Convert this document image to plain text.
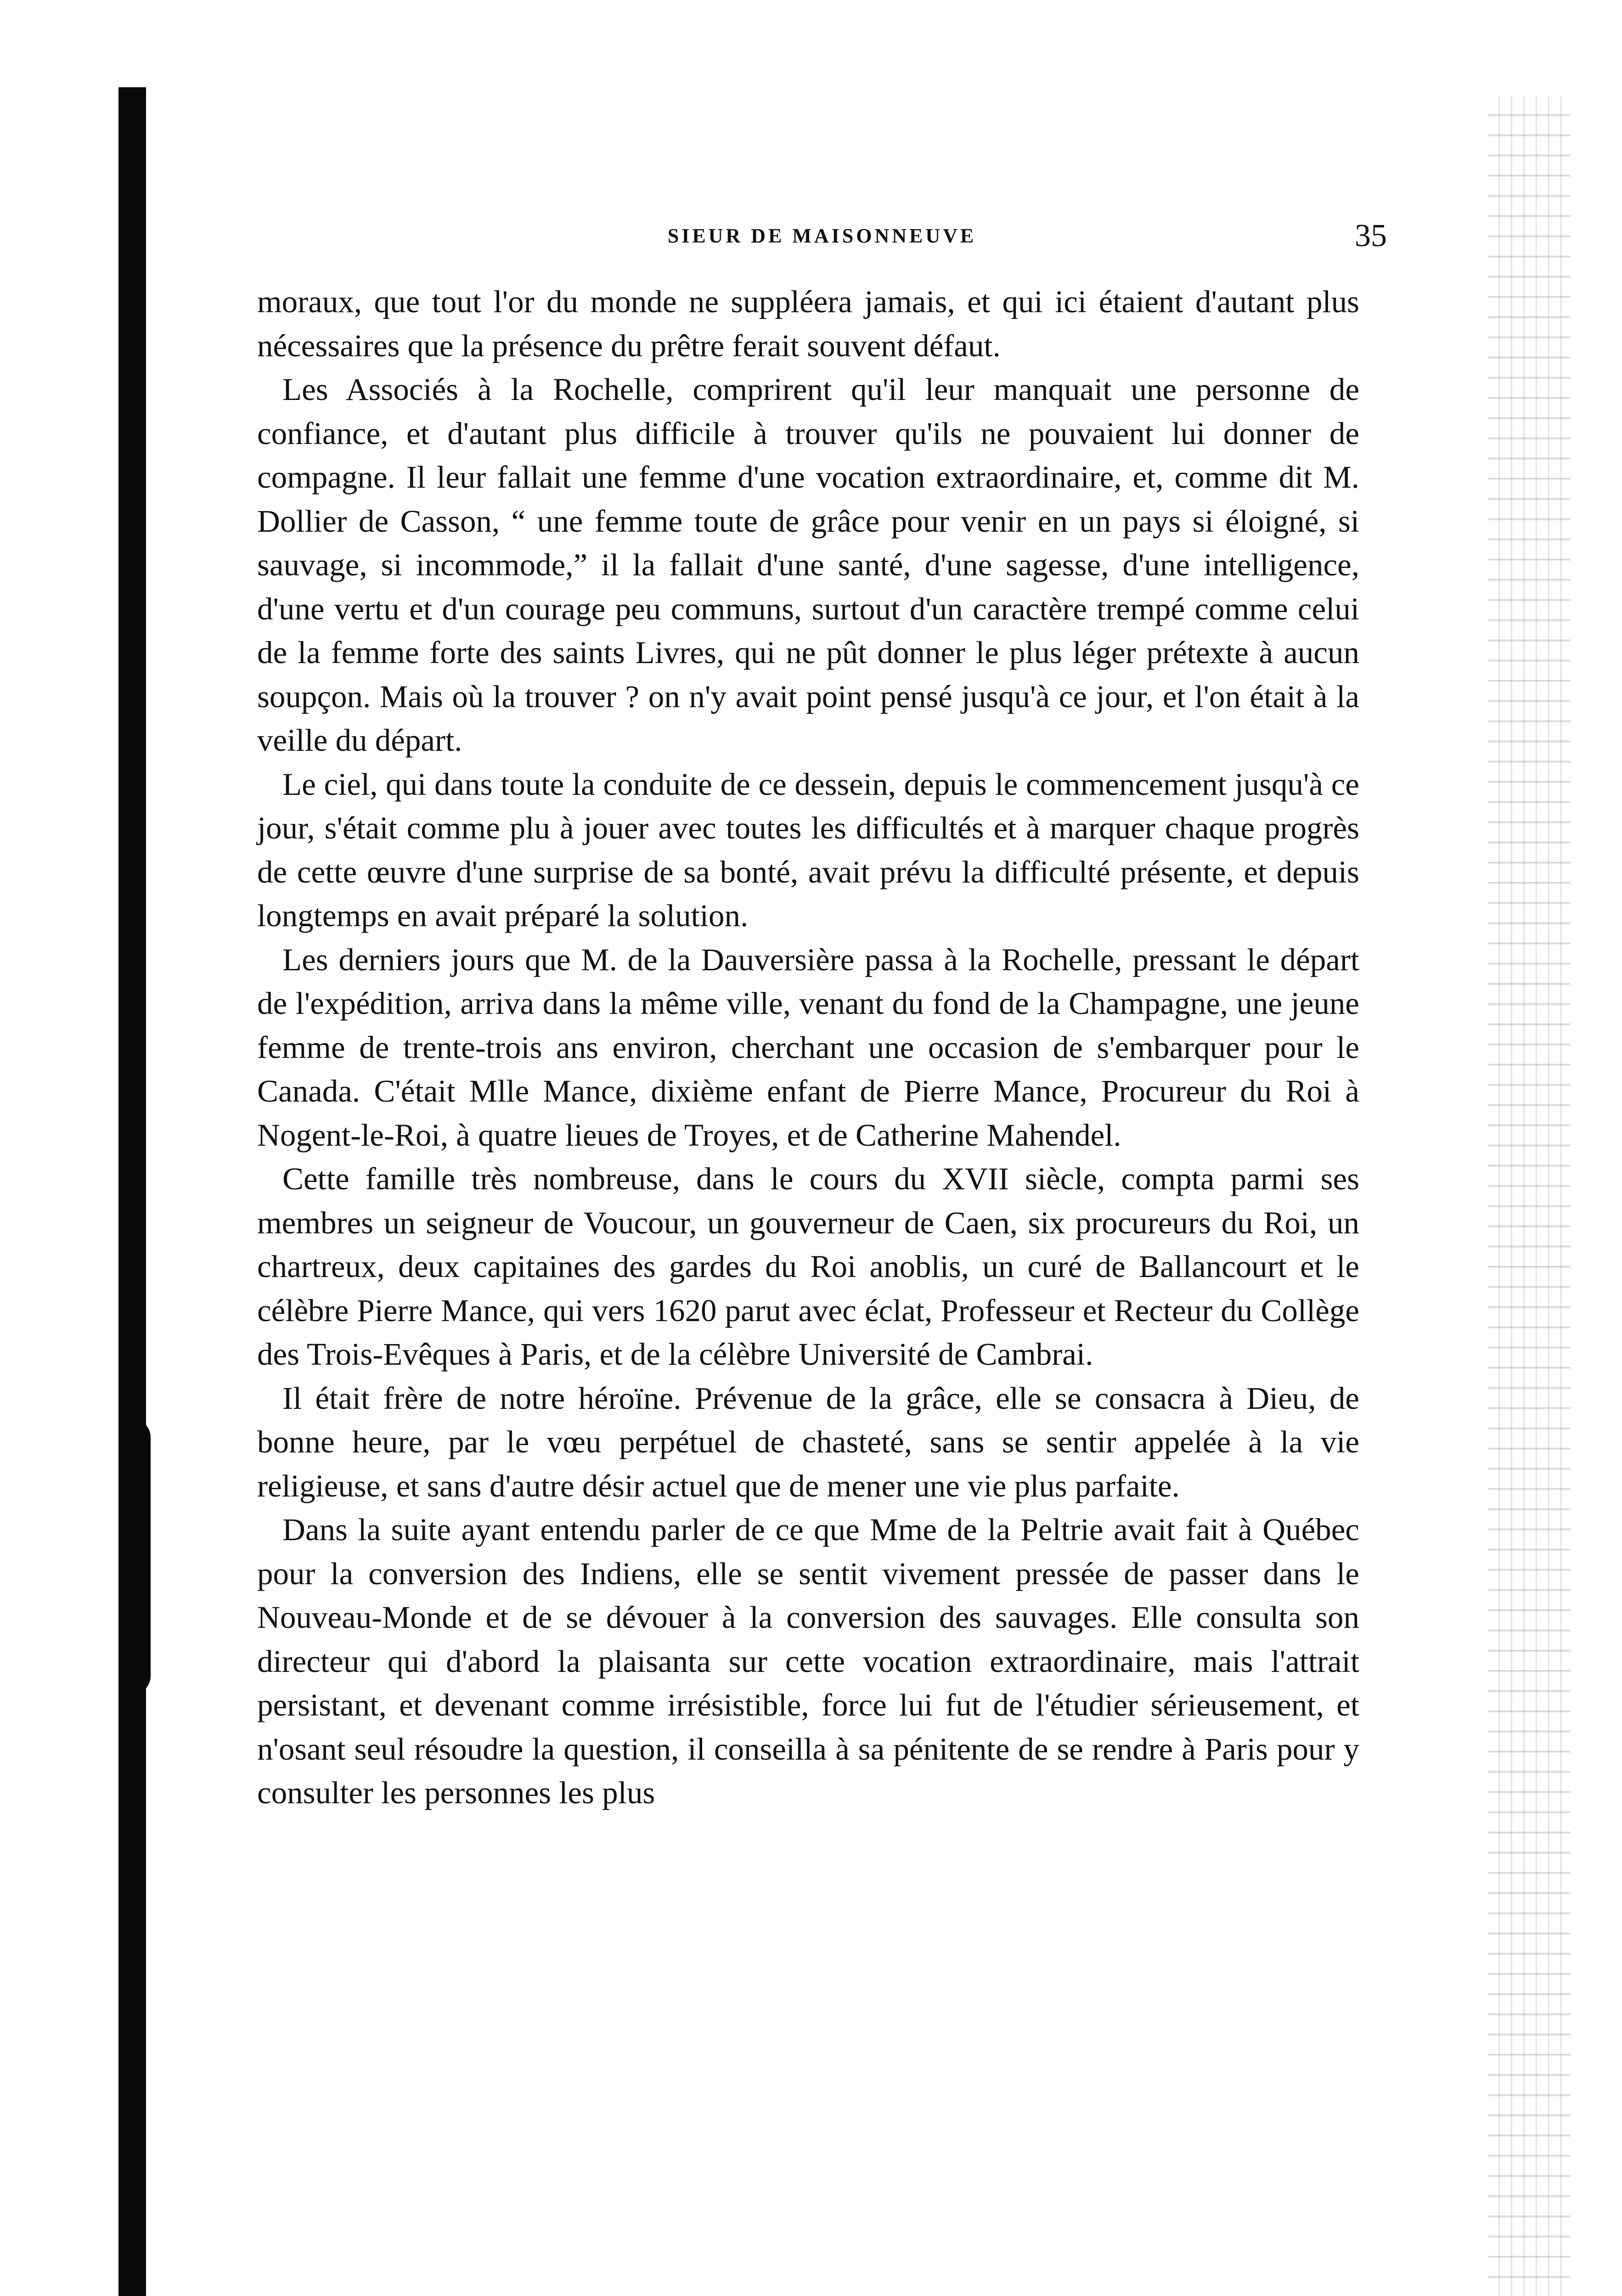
SIEUR DE MAISONNEUVE	35

moraux, que tout l'or du monde ne suppléera jamais, et qui ici étaient d'autant plus nécessaires que la présence du prêtre ferait souvent défaut.

Les Associés à la Rochelle, comprirent qu'il leur manquait une personne de confiance, et d'autant plus difficile à trouver qu'ils ne pouvaient lui donner de compagne. Il leur fallait une femme d'une vocation extraordinaire, et, comme dit M. Dollier de Casson, “ une femme toute de grâce pour venir en un pays si éloigné, si sauvage, si incommode,” il la fallait d'une santé, d'une sagesse, d'une intelligence, d'une vertu et d'un courage peu communs, surtout d'un caractère trempé comme celui de la femme forte des saints Livres, qui ne pût donner le plus léger prétexte à aucun soupçon. Mais où la trouver ? on n'y avait point pensé jusqu'à ce jour, et l'on était à la veille du départ.

Le ciel, qui dans toute la conduite de ce dessein, depuis le commencement jusqu'à ce jour, s'était comme plu à jouer avec toutes les difficultés et à marquer chaque progrès de cette œuvre d'une surprise de sa bonté, avait prévu la difficulté présente, et depuis longtemps en avait préparé la solution.

Les derniers jours que M. de la Dauversière passa à la Rochelle, pressant le départ de l'expédition, arriva dans la même ville, venant du fond de la Champagne, une jeune femme de trente-trois ans environ, cherchant une occasion de s'embarquer pour le Canada. C'était Mlle Mance, dixième enfant de Pierre Mance, Procureur du Roi à Nogent-le-Roi, à quatre lieues de Troyes, et de Catherine Mahendel.

Cette famille très nombreuse, dans le cours du XVII siècle, compta parmi ses membres un seigneur de Voucour, un gouverneur de Caen, six procureurs du Roi, un chartreux, deux capitaines des gardes du Roi anoblis, un curé de Ballancourt et le célèbre Pierre Mance, qui vers 1620 parut avec éclat, Professeur et Recteur du Collège des Trois-Evêques à Paris, et de la célèbre Université de Cambrai.

Il était frère de notre héroïne. Prévenue de la grâce, elle se consacra à Dieu, de bonne heure, par le vœu perpétuel de chasteté, sans se sentir appelée à la vie religieuse, et sans d'autre désir actuel que de mener une vie plus parfaite.

Dans la suite ayant entendu parler de ce que Mme de la Peltrie avait fait à Québec pour la conversion des Indiens, elle se sentit vivement pressée de passer dans le Nouveau-Monde et de se dévouer à la conversion des sauvages. Elle consulta son directeur qui d'abord la plaisanta sur cette vocation extraordinaire, mais l'attrait persistant, et devenant comme irrésistible, force lui fut de l'étudier sérieusement, et n'osant seul résoudre la question, il conseilla à sa pénitente de se rendre à Paris pour y consulter les personnes les plus
